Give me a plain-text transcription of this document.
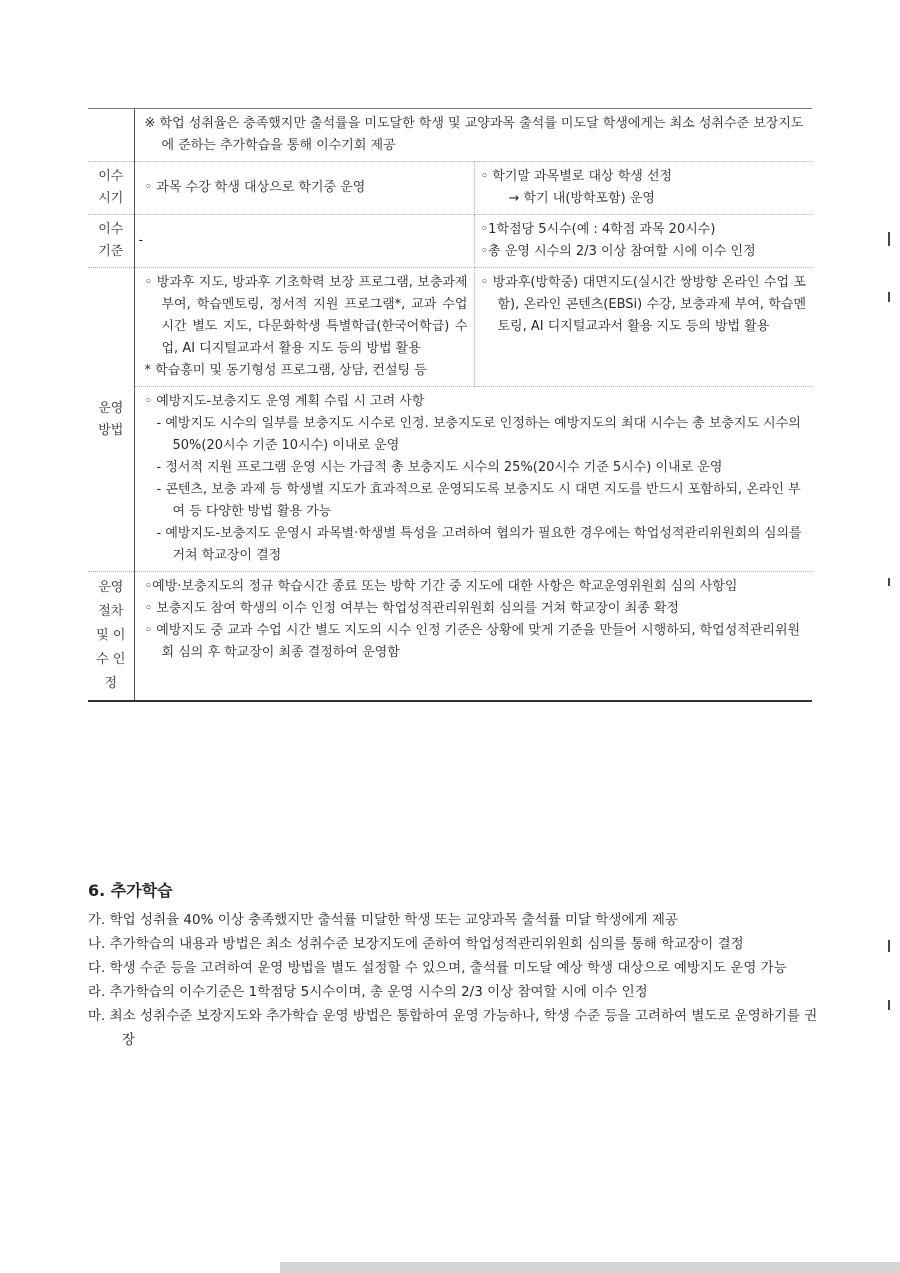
	※ 학업 성취율은 충족했지만 출석률을 미도달한 학생 및 교양과목 출석률 미도달 학생에게는 최소 성취수준 보장지도에 준하는 추가학습을 통해 이수기회 제공	

이수 시기	◦ 과목 수강 학생 대상으로 학기중 운영	◦ 학기말 과목별로 대상 학생 선정
→ 학기 내(방학포함) 운영

이수 기준	-	◦1학점당 5시수(예 : 4학점 과목 20시수)
◦총 운영 시수의 2/3 이상 참여할 시에 이수 인정

운영 방법	◦ 방과후 지도, 방과후 기초학력 보장 프로그램, 보충과제 부여, 학습멘토링, 정서적 지원 프로그램*, 교과 수업시간 별도 지도, 다문화학생 특별학급(한국어학급) 수업, AI 디지털교과서 활용 지도 등의 방법 활용
* 학습흥미 및 동기형성 프로그램, 상담, 컨설팅 등	◦ 방과후(방학중) 대면지도(실시간 쌍방향 온라인 수업 포함), 온라인 콘텐츠(EBSi) 수강, 보충과제 부여, 학습멘토링, AI 디지털교과서 활용 지도 등의 방법 활용

	◦ 예방지도-보충지도 운영 계획 수립 시 고려 사항
- 예방지도 시수의 일부를 보충지도 시수로 인정. 보충지도로 인정하는 예방지도의 최대 시수는 총 보충지도 시수의 50%(20시수 기준 10시수) 이내로 운영
- 정서적 지원 프로그램 운영 시는 가급적 총 보충지도 시수의 25%(20시수 기준 5시수) 이내로 운영
- 콘텐츠, 보충 과제 등 학생별 지도가 효과적으로 운영되도록 보충지도 시 대면 지도를 반드시 포함하되, 온라인 부여 등 다양한 방법 활용 가능
- 예방지도-보충지도 운영시 과목별·학생별 특성을 고려하여 협의가 필요한 경우에는 학업성적관리위원회의 심의를 거쳐 학교장이 결정	

운영 절차 및 이수 인정	◦예방·보충지도의 정규 학습시간 종료 또는 방학 기간 중 지도에 대한 사항은 학교운영위원회 심의 사항임
◦ 보충지도 참여 학생의 이수 인정 여부는 학업성적관리위원회 심의를 거쳐 학교장이 최종 확정
◦ 예방지도 중 교과 수업 시간 별도 지도의 시수 인정 기준은 상황에 맞게 기준을 만들어 시행하되, 학업성적관리위원회 심의 후 학교장이 최종 결정하여 운영함	
6. 추가학습
가. 학업 성취율 40% 이상 충족했지만 출석률 미달한 학생 또는 교양과목 출석률 미달 학생에게 제공
나. 추가학습의 내용과 방법은 최소 성취수준 보장지도에 준하여 학업성적관리위원회 심의를 통해 학교장이 결정
다. 학생 수준 등을 고려하여 운영 방법을 별도 설정할 수 있으며, 출석률 미도달 예상 학생 대상으로 예방지도 운영 가능
라. 추가학습의 이수기준은 1학점당 5시수이며, 총 운영 시수의 2/3 이상 참여할 시에 이수 인정
마. 최소 성취수준 보장지도와 추가학습 운영 방법은 통합하여 운영 가능하나, 학생 수준 등을 고려하여 별도로 운영하기를 권장
